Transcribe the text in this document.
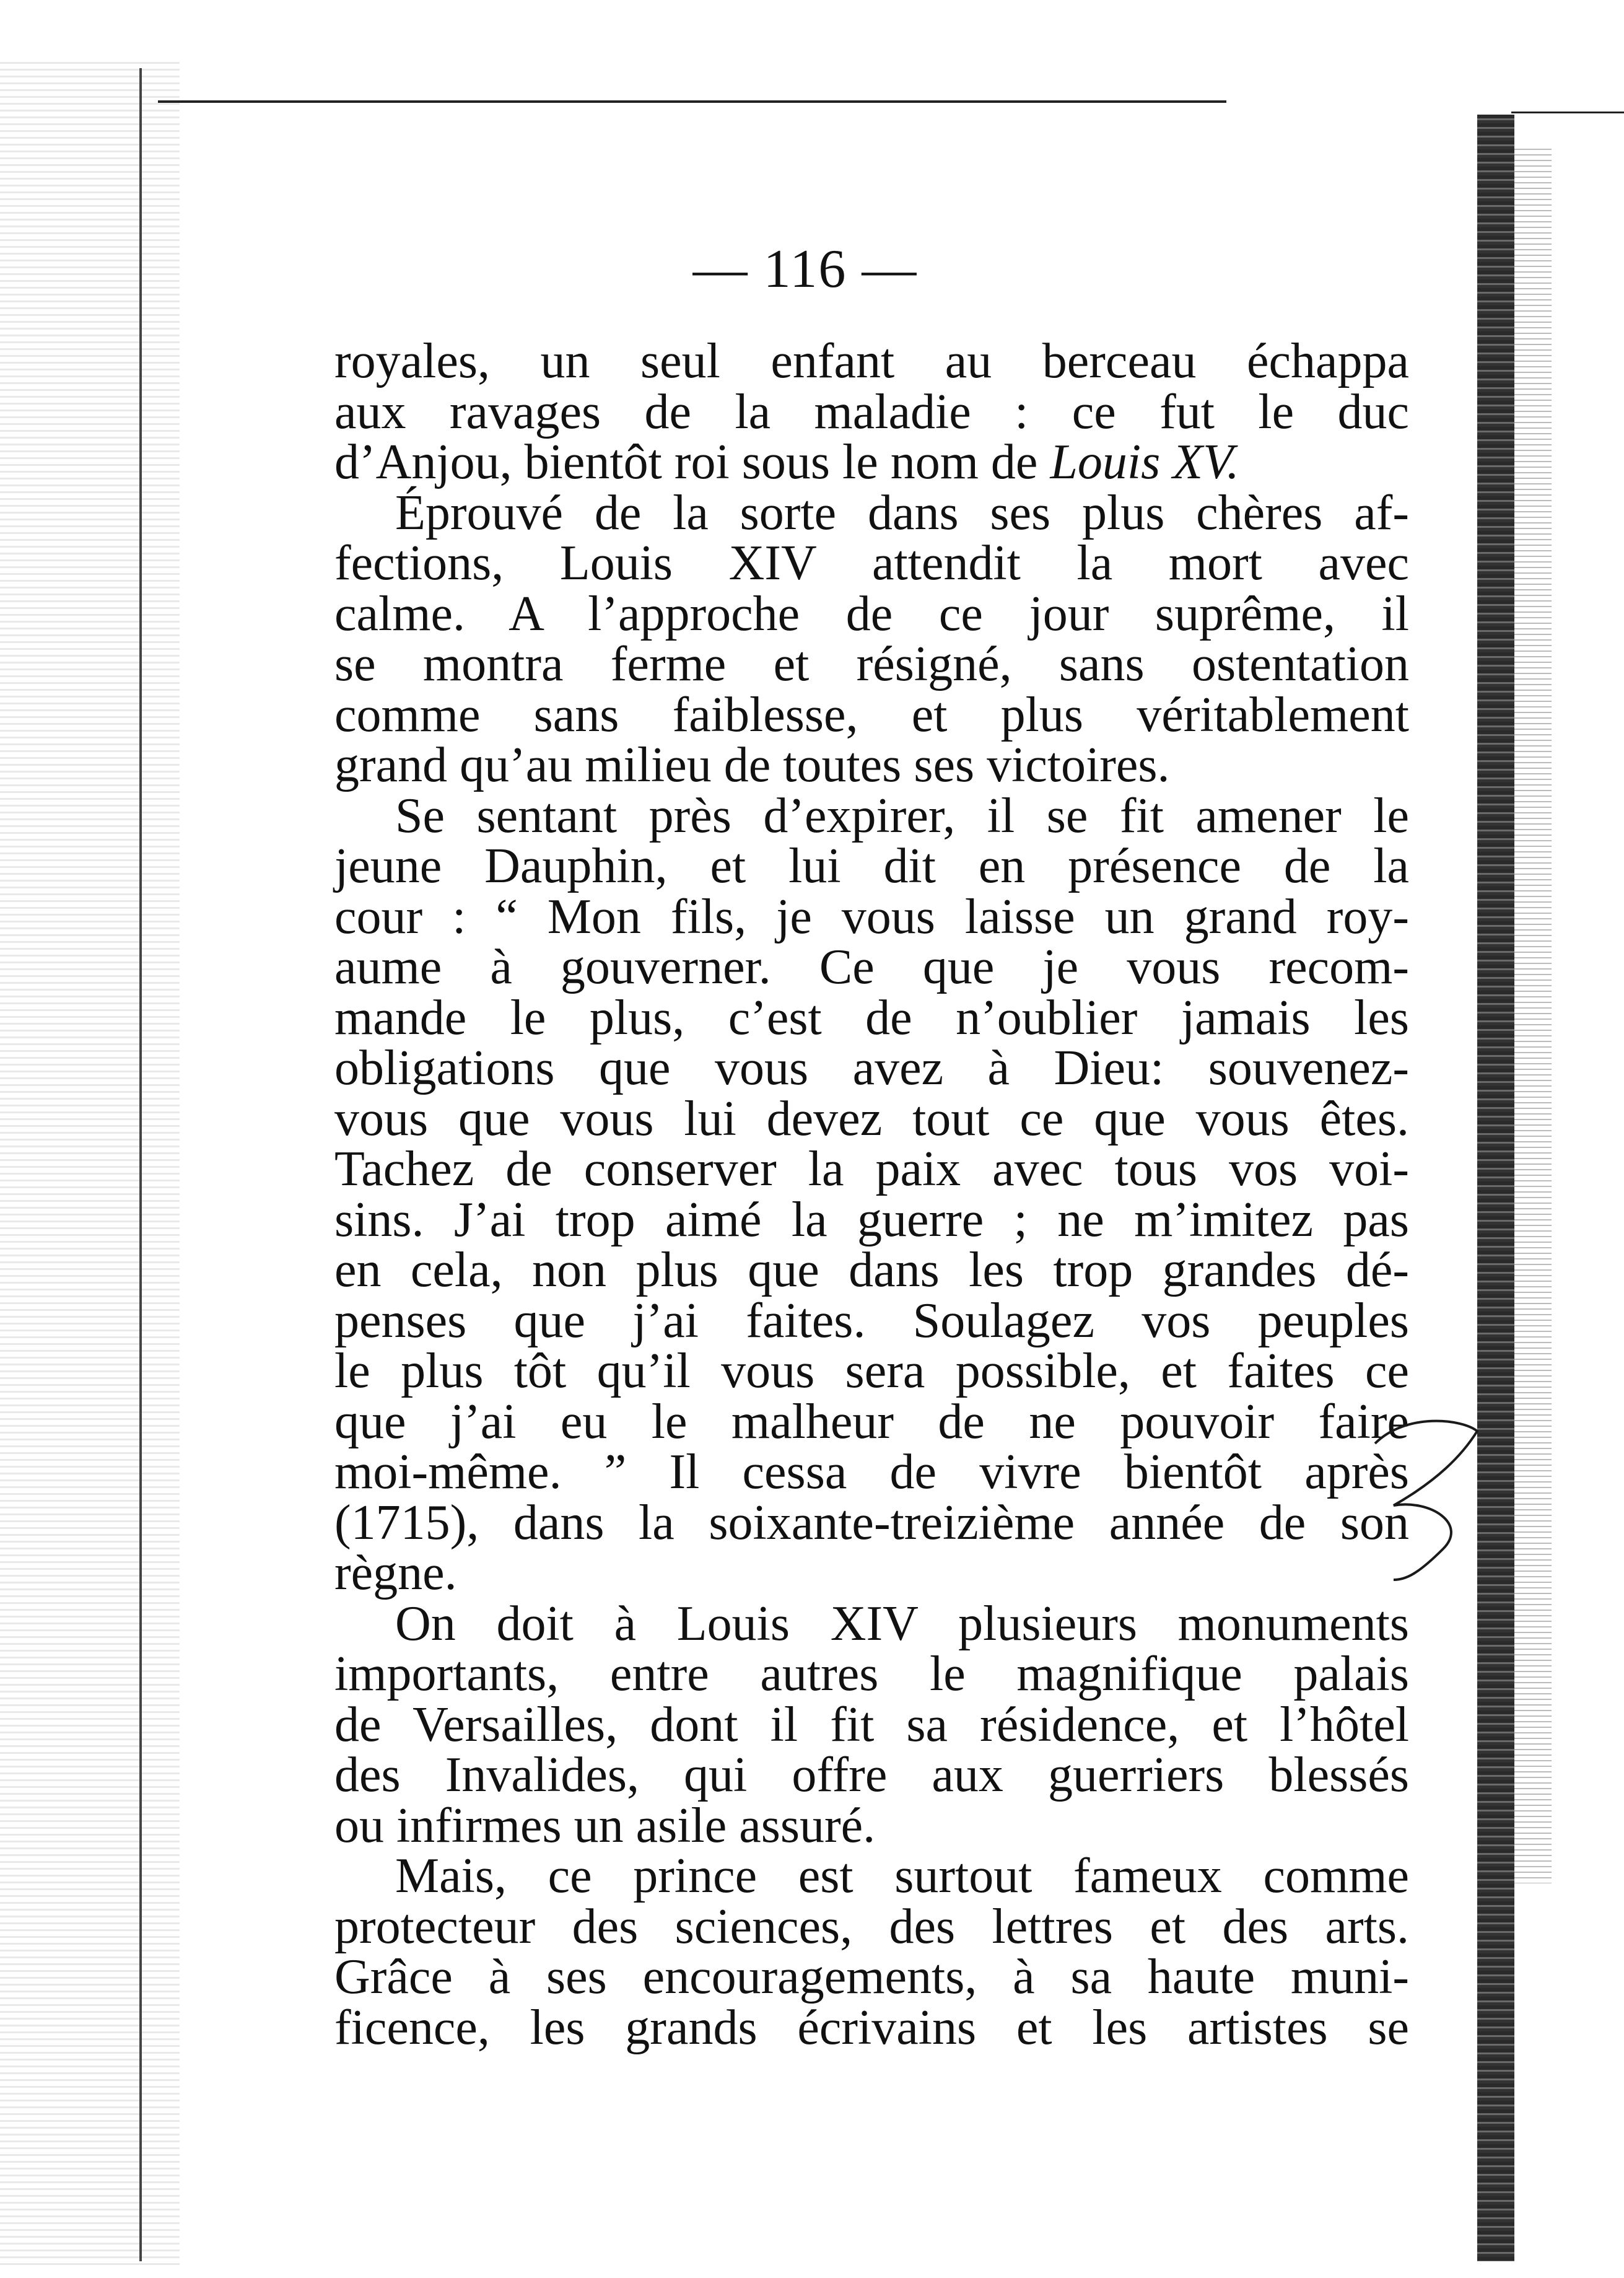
— 116 —
royales, un seul enfant au berceau échappa
aux ravages de la maladie : ce fut le duc
d’Anjou, bientôt roi sous le nom de Louis XV.
Éprouvé de la sorte dans ses plus chères af-
fections, Louis XIV attendit la mort avec
calme. A l’approche de ce jour suprême, il
se montra ferme et résigné, sans ostentation
comme sans faiblesse, et plus véritablement
grand qu’au milieu de toutes ses victoires.
Se sentant près d’expirer, il se fit amener le
jeune Dauphin, et lui dit en présence de la
cour : “ Mon fils, je vous laisse un grand roy-
aume à gouverner. Ce que je vous recom-
mande le plus, c’est de n’oublier jamais les
obligations que vous avez à Dieu: souvenez-
vous que vous lui devez tout ce que vous êtes.
Tachez de conserver la paix avec tous vos voi-
sins. J’ai trop aimé la guerre ; ne m’imitez pas
en cela, non plus que dans les trop grandes dé-
penses que j’ai faites. Soulagez vos peuples
le plus tôt qu’il vous sera possible, et faites ce
que j’ai eu le malheur de ne pouvoir faire
moi-même. ” Il cessa de vivre bientôt après
(1715), dans la soixante-treizième année de son
règne.
On doit à Louis XIV plusieurs monuments
importants, entre autres le magnifique palais
de Versailles, dont il fit sa résidence, et l’hôtel
des Invalides, qui offre aux guerriers blessés
ou infirmes un asile assuré.
Mais, ce prince est surtout fameux comme
protecteur des sciences, des lettres et des arts.
Grâce à ses encouragements, à sa haute muni-
ficence, les grands écrivains et les artistes se
